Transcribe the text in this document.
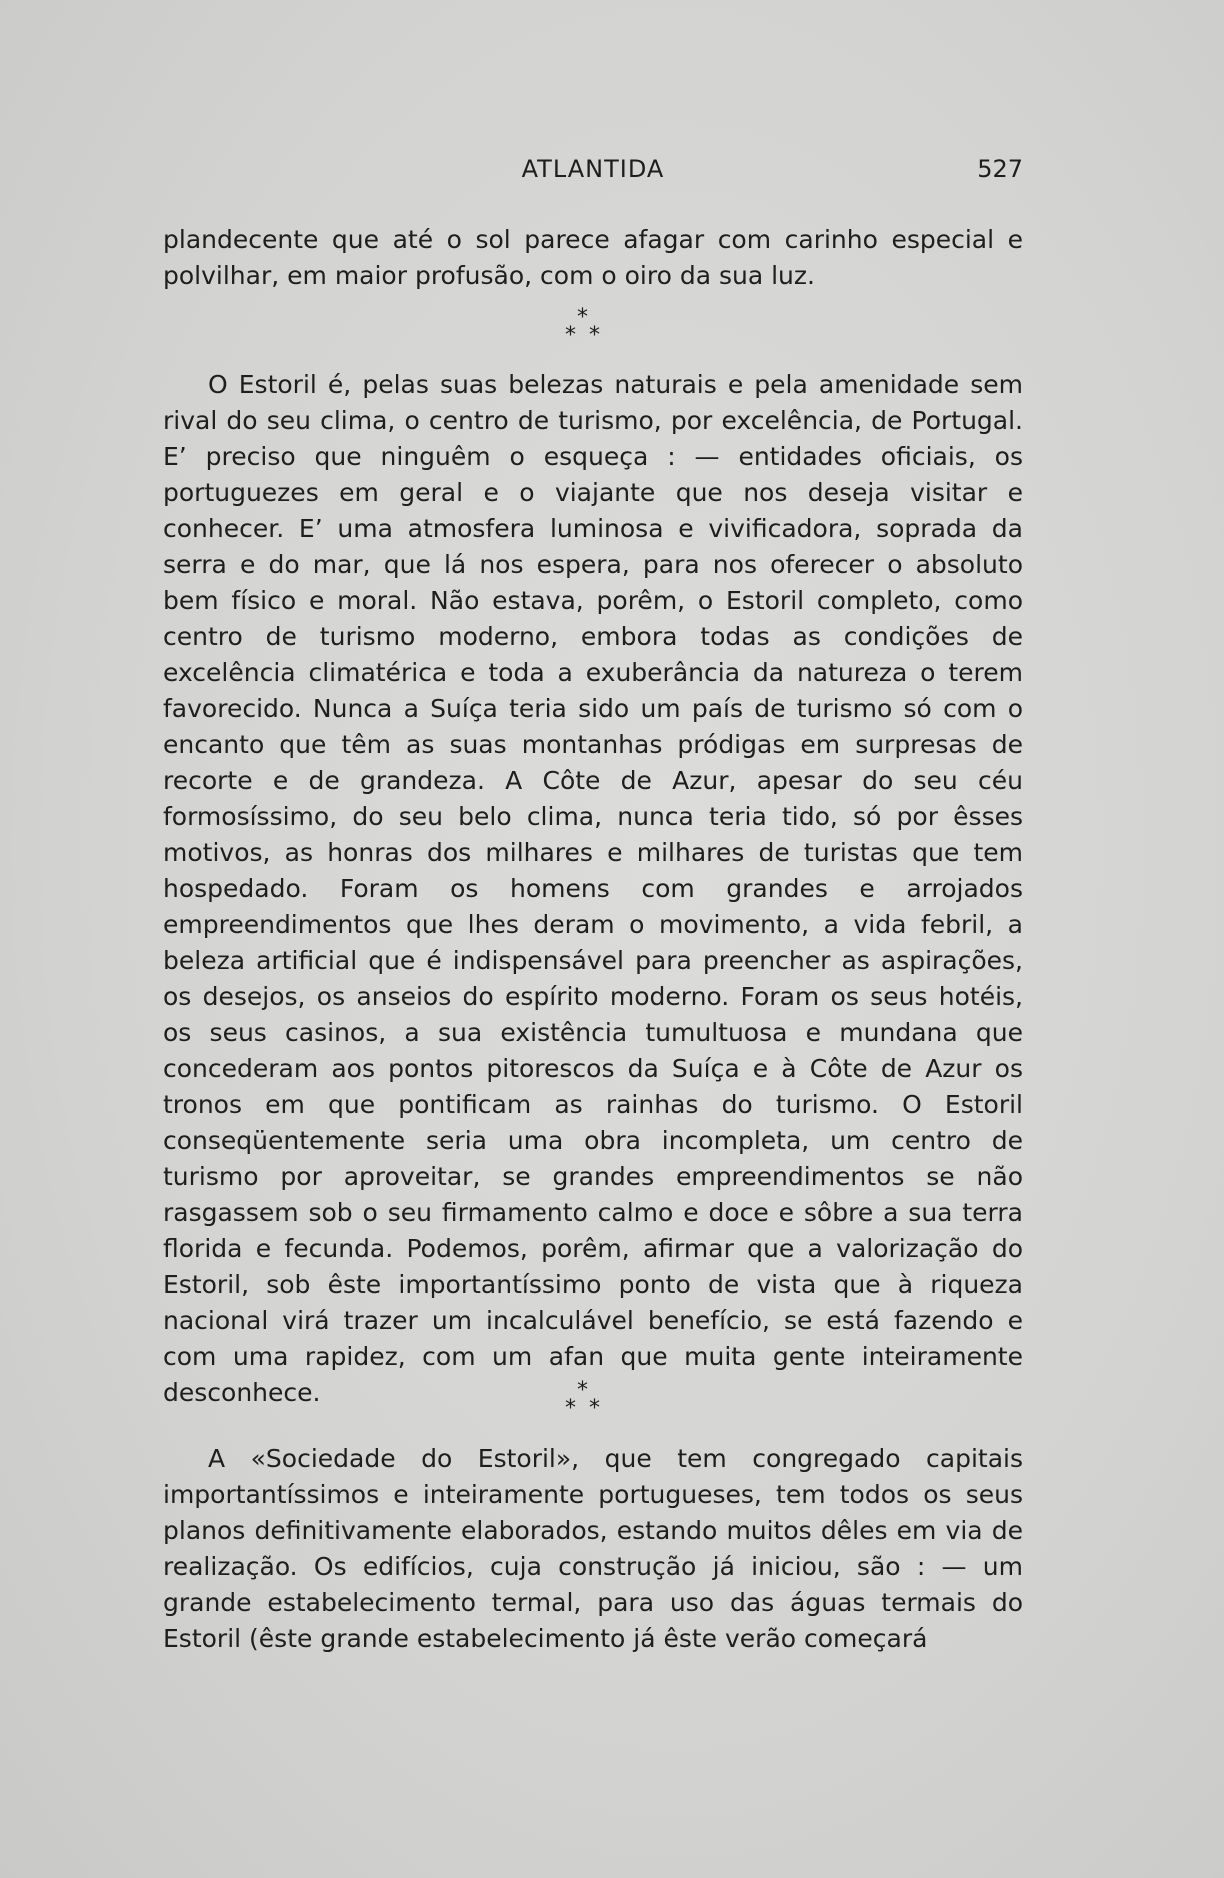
ATLANTIDA	527

plandecente que até o sol parece afagar com carinho especial e polvilhar, em maior profusão, com o oiro da sua luz.

*
* *

O Estoril é, pelas suas belezas naturais e pela amenidade sem rival do seu clima, o centro de turismo, por excelência, de Portugal. E’ preciso que ninguêm o esqueça : — entidades oficiais, os portuguezes em geral e o viajante que nos deseja visitar e conhecer. E’ uma atmosfera luminosa e vivificadora, soprada da serra e do mar, que lá nos espera, para nos oferecer o absoluto bem físico e moral. Não estava, porêm, o Estoril completo, como centro de turismo moderno, embora todas as condições de excelência climatérica e toda a exuberância da natureza o terem favorecido. Nunca a Suíça teria sido um país de turismo só com o encanto que têm as suas montanhas pródigas em surpresas de recorte e de grandeza. A Côte de Azur, apesar do seu céu formosíssimo, do seu belo clima, nunca teria tido, só por êsses motivos, as honras dos milhares e milhares de turistas que tem hospedado. Foram os homens com grandes e arrojados empreendimentos que lhes deram o movimento, a vida febril, a beleza artificial que é indispensável para preencher as aspirações, os desejos, os anseios do espírito moderno. Foram os seus hotéis, os seus casinos, a sua existência tumultuosa e mundana que concederam aos pontos pitorescos da Suíça e à Côte de Azur os tronos em que pontificam as rainhas do turismo. O Estoril conseqüentemente seria uma obra incompleta, um centro de turismo por aproveitar, se grandes empreendimentos se não rasgassem sob o seu firmamento calmo e doce e sôbre a sua terra florida e fecunda. Podemos, porêm, afirmar que a valorização do Estoril, sob êste importantíssimo ponto de vista que à riqueza nacional virá trazer um incalculável benefício, se está fazendo e com uma rapidez, com um afan que muita gente inteiramente desconhece.	*
* *

A «Sociedade do Estoril», que tem congregado capitais importantíssimos e inteiramente portugueses, tem todos os seus planos definitivamente elaborados, estando muitos dêles em via de realização. Os edifícios, cuja construção já iniciou, são : — um grande estabelecimento termal, para uso das águas termais do Estoril (êste grande estabelecimento já êste verão começará
